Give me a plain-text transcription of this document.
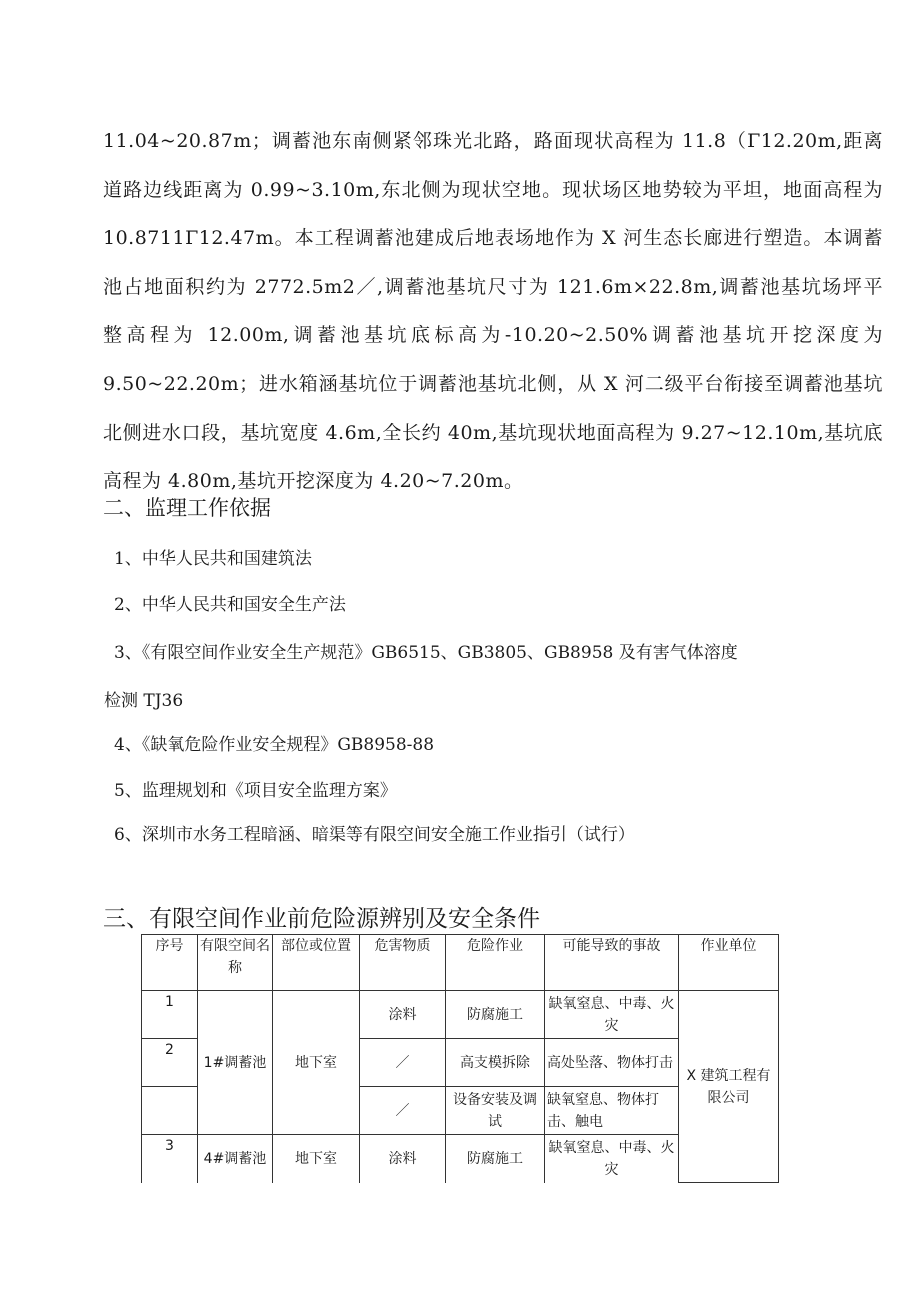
11.04~20.87m；调蓄池东南侧紧邻珠光北路，路面现状高程为 11.8（Γ12.20m,距离
道路边线距离为 0.99~3.10m,东北侧为现状空地。现状场区地势较为平坦，地面高程为
10.8711Γ12.47m。本工程调蓄池建成后地表场地作为 X 河生态长廊进行塑造。本调蓄
池占地面积约为 2772.5m2／,调蓄池基坑尺寸为 121.6m×22.8m,调蓄池基坑场坪平
整高程为 12.00m,调蓄池基坑底标高为-10.20~2.50%调蓄池基坑开挖深度为
9.50~22.20m；进水箱涵基坑位于调蓄池基坑北侧，从 X 河二级平台衔接至调蓄池基坑
北侧进水口段，基坑宽度 4.6m,全长约 40m,基坑现状地面高程为 9.27~12.10m,基坑底
高程为 4.80m,基坑开挖深度为 4.20~7.20m。
二、监理工作依据
1、中华人民共和国建筑法
2、中华人民共和国安全生产法
3、《有限空间作业安全生产规范》GB6515、GB3805、GB8958 及有害气体溶度
检测 TJ36
4、《缺氧危险作业安全规程》GB8958-88
5、监理规划和《项目安全监理方案》
6、深圳市水务工程暗涵、暗渠等有限空间安全施工作业指引（试行）
三、有限空间作业前危险源辨别及安全条件
序号	有限空间名称	部位或位置	危害物质	危险作业	可能导致的事故	作业单位
1	1#调蓄池	地下室	涂料	防腐施工	缺氧窒息、中毒、火灾	X 建筑工程有限公司
2			／	高支模拆除	高处坠落、物体打击	
			／	设备安装及调试	缺氧窒息、物体打击、触电	
3	4#调蓄池	地下室	涂料	防腐施工	缺氧窒息、中毒、火灾	
